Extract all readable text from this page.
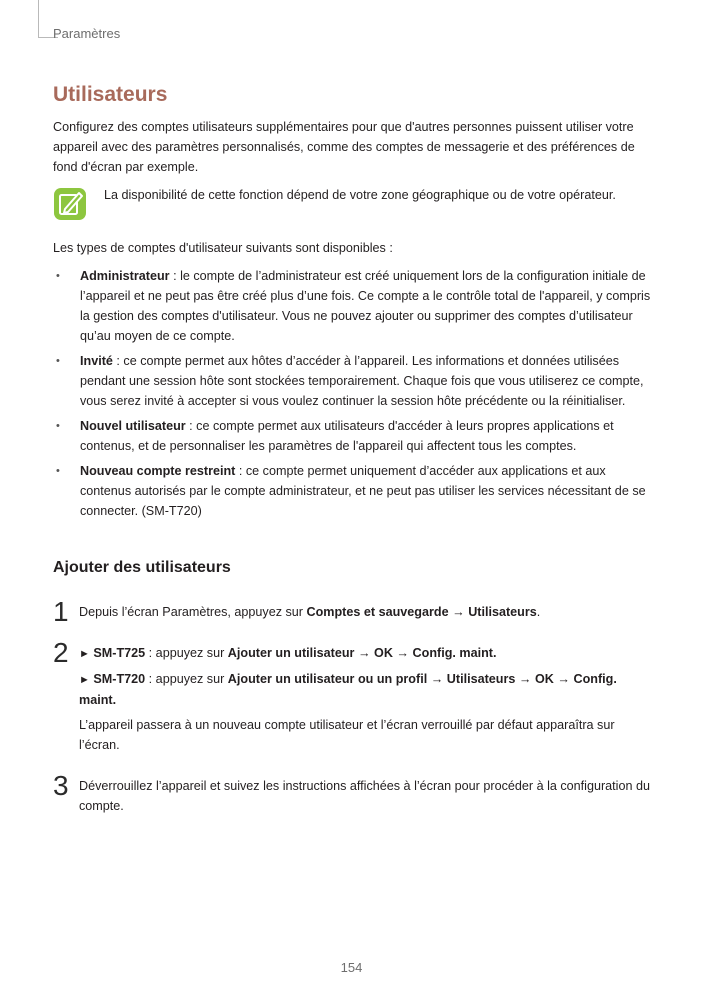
Paramètres
Utilisateurs
Configurez des comptes utilisateurs supplémentaires pour que d'autres personnes puissent utiliser votre appareil avec des paramètres personnalisés, comme des comptes de messagerie et des préférences de fond d'écran par exemple.
La disponibilité de cette fonction dépend de votre zone géographique ou de votre opérateur.
Les types de comptes d'utilisateur suivants sont disponibles :
• Administrateur : le compte de l’administrateur est créé uniquement lors de la configuration initiale de l’appareil et ne peut pas être créé plus d’une fois. Ce compte a le contrôle total de l'appareil, y compris la gestion des comptes d'utilisateur. Vous ne pouvez ajouter ou supprimer des comptes d’utilisateur qu’au moyen de ce compte.
• Invité : ce compte permet aux hôtes d’accéder à l’appareil. Les informations et données utilisées pendant une session hôte sont stockées temporairement. Chaque fois que vous utiliserez ce compte, vous serez invité à accepter si vous voulez continuer la session hôte précédente ou la réinitialiser.
• Nouvel utilisateur : ce compte permet aux utilisateurs d'accéder à leurs propres applications et contenus, et de personnaliser les paramètres de l'appareil qui affectent tous les comptes.
• Nouveau compte restreint : ce compte permet uniquement d’accéder aux applications et aux contenus autorisés par le compte administrateur, et ne peut pas utiliser les services nécessitant de se connecter. (SM-T720)
Ajouter des utilisateurs
1 Depuis l’écran Paramètres, appuyez sur Comptes et sauvegarde → Utilisateurs.

2 ► SM-T725 : appuyez sur Ajouter un utilisateur → OK → Config. maint.

► SM-T720 : appuyez sur Ajouter un utilisateur ou un profil → Utilisateurs → OK → Config. maint.

L’appareil passera à un nouveau compte utilisateur et l’écran verrouillé par défaut apparaîtra sur l’écran.

3 Déverrouillez l’appareil et suivez les instructions affichées à l’écran pour procéder à la configuration du compte.

154
